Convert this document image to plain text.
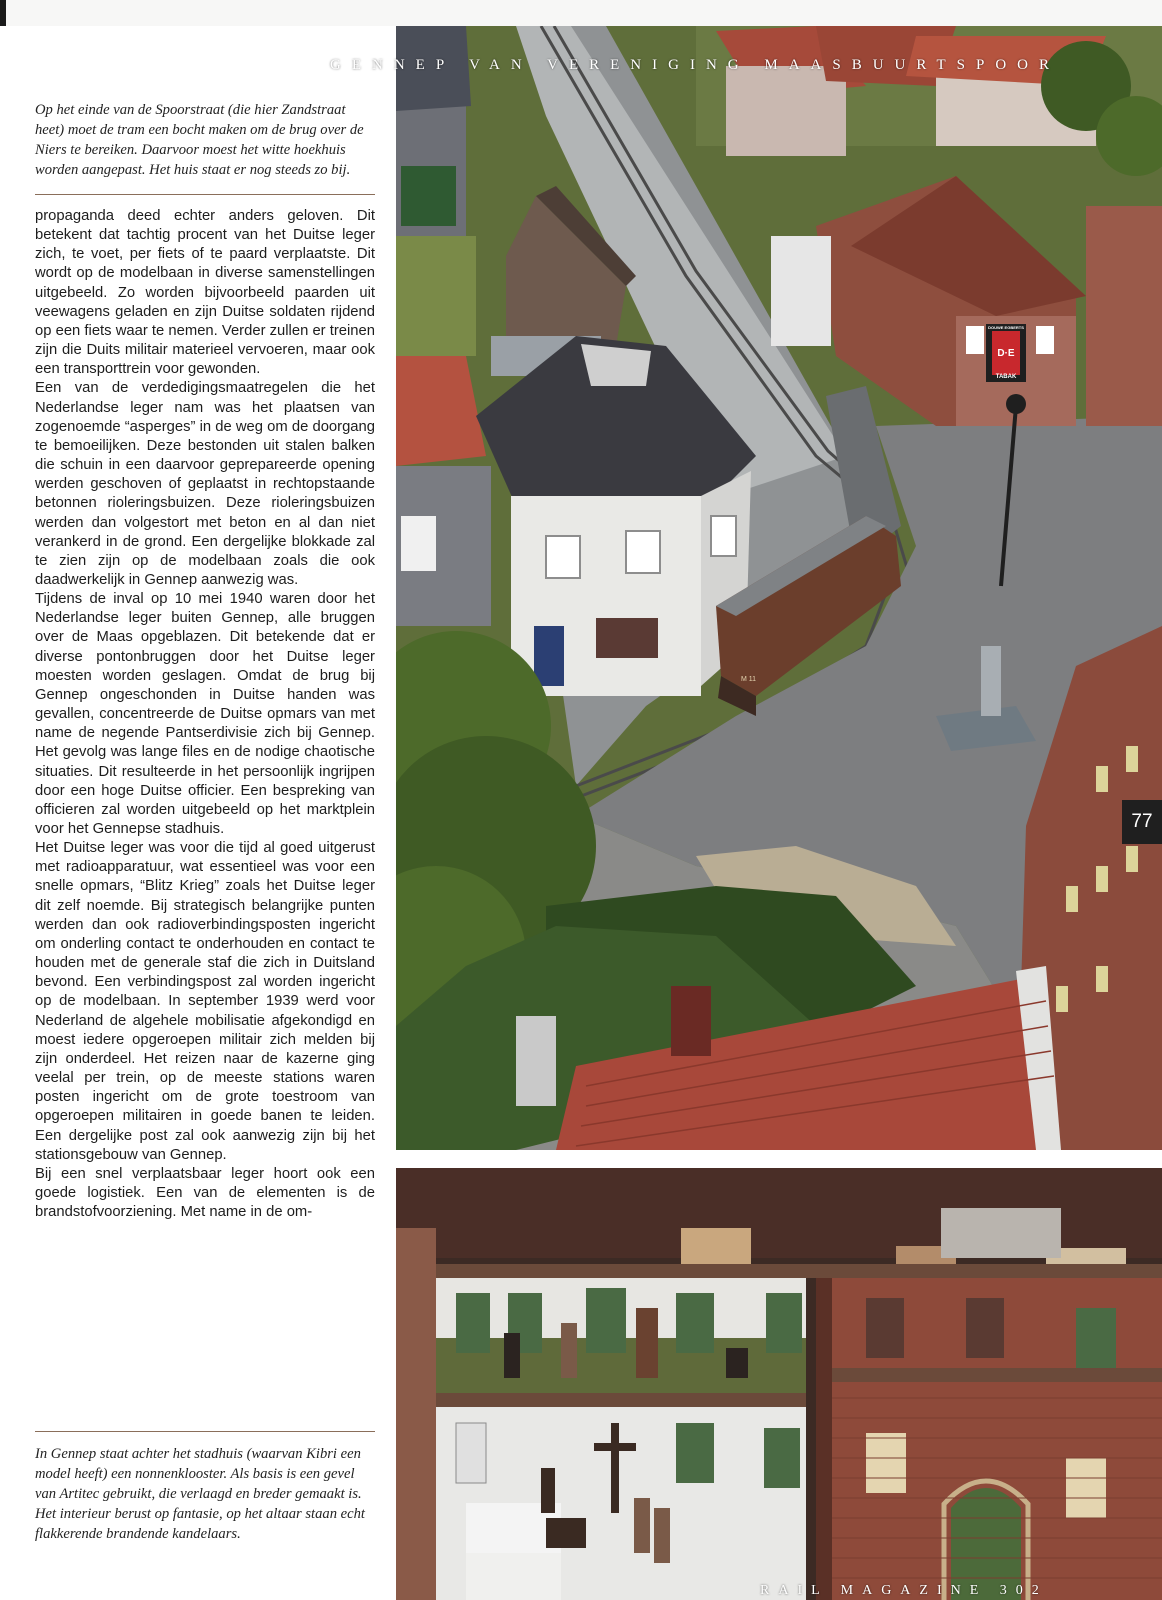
M 11
DOUWE EGBERTS
D·E
TABAK
GENNEP VAN VERENIGING MAASBUURTSPOOR
Op het einde van de Spoorstraat (die hier Zandstraat heet) moet de tram een bocht maken om de brug over de Niers te bereiken. Daarvoor moest het witte hoekhuis worden aangepast. Het huis staat er nog steeds zo bij.

propaganda deed echter anders geloven. Dit betekent dat tachtig procent van het Duitse leger zich, te voet, per fiets of te paard verplaatste. Dit wordt op de modelbaan in diverse samenstellingen uitgebeeld. Zo worden bijvoorbeeld paarden uit veewagens geladen en zijn Duitse soldaten rijdend op een fiets waar te nemen. Verder zullen er treinen zijn die Duits militair materieel vervoeren, maar ook een transporttrein voor gewonden.

Een van de verdedigingsmaatregelen die het Nederlandse leger nam was het plaatsen van zogenoemde “asperges” in de weg om de doorgang te bemoeilijken. Deze bestonden uit stalen balken die schuin in een daarvoor geprepareerde opening werden geschoven of geplaatst in rechtopstaande betonnen rioleringsbuizen. Deze rioleringsbuizen werden dan volgestort met beton en al dan niet verankerd in de grond. Een dergelijke blokkade zal te zien zijn op de modelbaan zoals die ook daadwerkelijk in Gennep aanwezig was.

Tijdens de inval op 10 mei 1940 waren door het Nederlandse leger buiten Gennep, alle bruggen over de Maas opgeblazen. Dit betekende dat er diverse pontonbruggen door het Duitse leger moesten worden geslagen. Omdat de brug bij Gennep ongeschonden in Duitse handen was gevallen, concentreerde de Duitse opmars van met name de negende Pantserdivisie zich bij Gennep. Het gevolg was lange files en de nodige chaotische situaties. Dit resulteerde in het persoonlijk ingrijpen door een hoge Duitse officier. Een bespreking van officieren zal worden uitgebeeld op het marktplein voor het Gennepse stadhuis.

Het Duitse leger was voor die tijd al goed uitgerust met radioapparatuur, wat essentieel was voor een snelle opmars, “Blitz Krieg” zoals het Duitse leger dit zelf noemde. Bij strategisch belangrijke punten werden dan ook radioverbindingsposten ingericht om onderling contact te onderhouden en contact te houden met de generale staf die zich in Duitsland bevond. Een verbindingspost zal worden ingericht op de modelbaan. In september 1939 werd voor Nederland de algehele mobilisatie afgekondigd en moest iedere opgeroepen militair zich melden bij zijn onderdeel. Het reizen naar de kazerne ging veelal per trein, op de meeste stations waren posten ingericht om de grote toestroom van opgeroepen militairen in goede banen te leiden. Een dergelijke post zal ook aanwezig zijn bij het stationsgebouw van Gennep.

Bij een snel verplaatsbaar leger hoort ook een goede logistiek. Een van de elementen is de brandstofvoorziening. Met name in de om-

In Gennep staat achter het stadhuis (waarvan Kibri een model heeft) een nonnenklooster. Als basis is een gevel van Artitec gebruikt, die verlaagd en breder gemaakt is. Het interieur berust op fantasie, op het altaar staan echt flakkerende brandende kandelaars.
77
RAIL MAGAZINE 302
